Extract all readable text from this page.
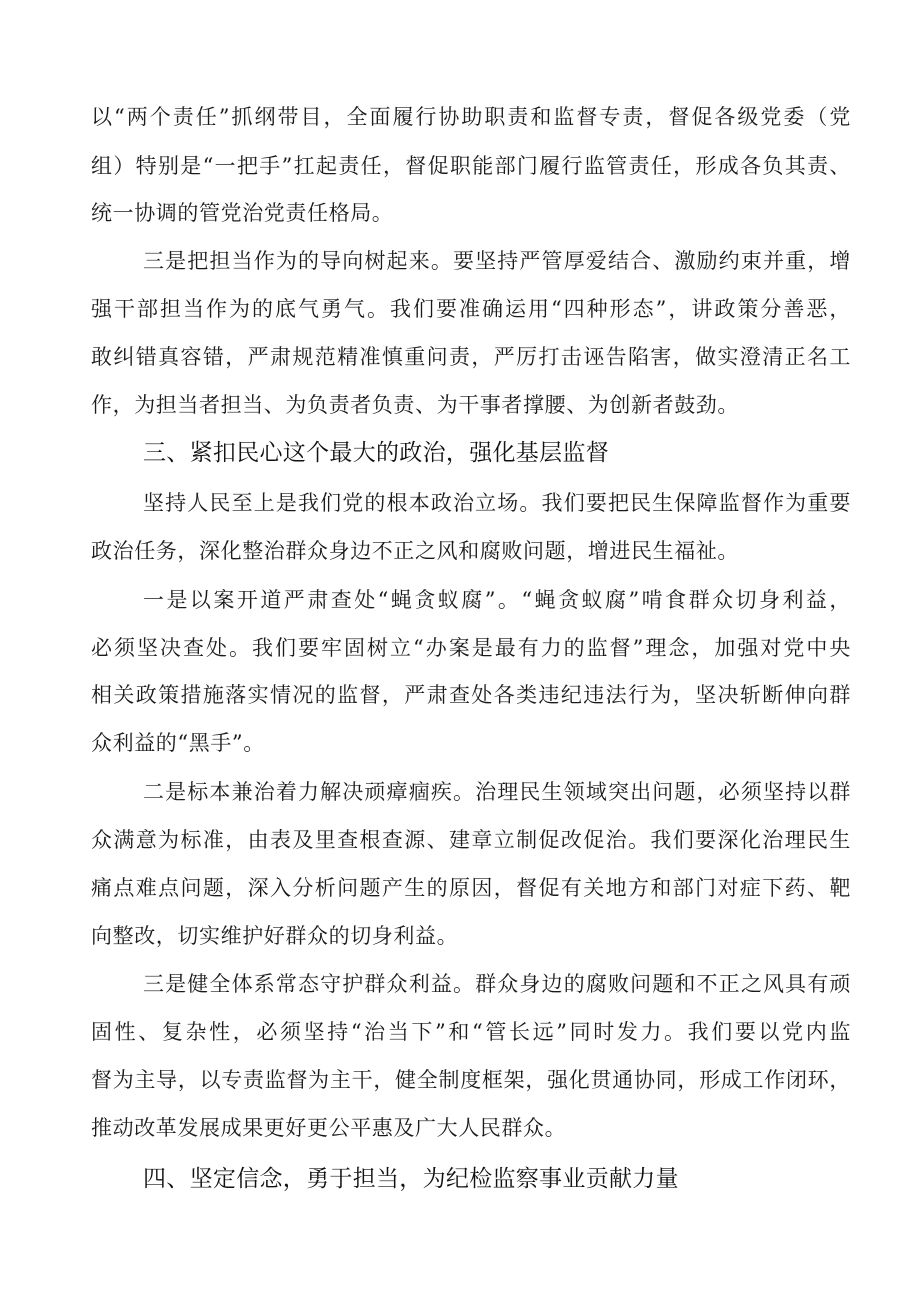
以“两个责任”抓纲带目，全面履行协助职责和监督专责，督促各级党委（党
组）特别是“一把手”扛起责任，督促职能部门履行监管责任，形成各负其责、
统一协调的管党治党责任格局。
三是把担当作为的导向树起来。要坚持严管厚爱结合、激励约束并重，增
强干部担当作为的底气勇气。我们要准确运用“四种形态”，讲政策分善恶，
敢纠错真容错，严肃规范精准慎重问责，严厉打击诬告陷害，做实澄清正名工
作，为担当者担当、为负责者负责、为干事者撑腰、为创新者鼓劲。
三、紧扣民心这个最大的政治，强化基层监督
坚持人民至上是我们党的根本政治立场。我们要把民生保障监督作为重要
政治任务，深化整治群众身边不正之风和腐败问题，增进民生福祉。
一是以案开道严肃查处“蝇贪蚁腐”。“蝇贪蚁腐”啃食群众切身利益，
必须坚决查处。我们要牢固树立“办案是最有力的监督”理念，加强对党中央
相关政策措施落实情况的监督，严肃查处各类违纪违法行为，坚决斩断伸向群
众利益的“黑手”。
二是标本兼治着力解决顽瘴痼疾。治理民生领域突出问题，必须坚持以群
众满意为标准，由表及里查根查源、建章立制促改促治。我们要深化治理民生
痛点难点问题，深入分析问题产生的原因，督促有关地方和部门对症下药、靶
向整改，切实维护好群众的切身利益。
三是健全体系常态守护群众利益。群众身边的腐败问题和不正之风具有顽
固性、复杂性，必须坚持“治当下”和“管长远”同时发力。我们要以党内监
督为主导，以专责监督为主干，健全制度框架，强化贯通协同，形成工作闭环，
推动改革发展成果更好更公平惠及广大人民群众。
四、坚定信念，勇于担当，为纪检监察事业贡献力量
